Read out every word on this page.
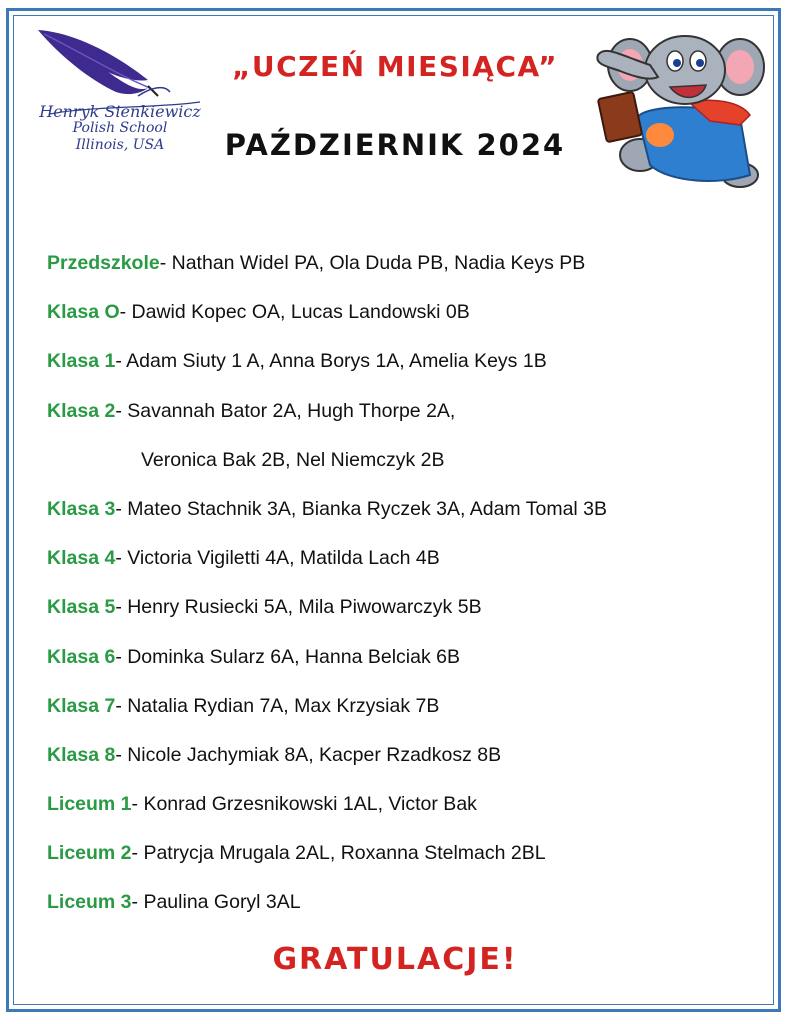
Henryk Sienkiewicz
Polish School
Illinois, USA
„UCZEŃ MIESIĄCA”
PAŹDZIERNIK 2024
Przedszkole- Nathan Widel PA, Ola Duda PB, Nadia Keys PB
Klasa O- Dawid Kopec OA, Lucas Landowski 0B
Klasa 1- Adam Siuty 1 A, Anna Borys 1A, Amelia Keys 1B
Klasa 2- Savannah Bator 2A, Hugh Thorpe 2A,
Veronica Bak 2B, Nel Niemczyk 2B
Klasa 3- Mateo Stachnik 3A, Bianka Ryczek 3A, Adam Tomal 3B
Klasa 4- Victoria Vigiletti 4A, Matilda Lach 4B
Klasa 5- Henry Rusiecki 5A, Mila Piwowarczyk 5B
Klasa 6- Dominka Sularz 6A, Hanna Belciak 6B
Klasa 7- Natalia Rydian 7A, Max Krzysiak 7B
Klasa 8- Nicole Jachymiak 8A, Kacper Rzadkosz 8B
Liceum 1- Konrad Grzesnikowski 1AL, Victor Bak
Liceum 2- Patrycja Mrugala 2AL, Roxanna Stelmach 2BL
Liceum 3- Paulina Goryl 3AL
GRATULACJE!
